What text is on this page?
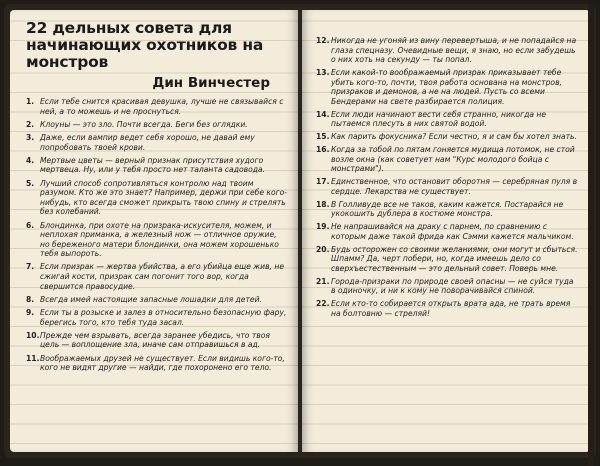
22 дельных совета для начинающих охотников на монстров
Дин Винчестер
1. Если тебе снится красивая девушка, лучше не связывайся с ней, а то можешь и не проснуться.
2. Клоуны — это зло. Почти всегда. Беги без оглядки.
3. Даже, если вампир ведет себя хорошо, не давай ему попробовать твоей крови.
4. Мертвые цветы — верный признак присутствия худого мертвеца. Ну, или у тебя просто нет таланта садовода.
5. Лучший способ сопротивляться контролю над твоим разумом. Кто же это знает? Например, держи при себе кого-нибудь, кто всегда сможет прикрыть твою спину и стрелять без колебаний.
6. Блондинка, при охоте на призрака-искусителя, можем, и неплохая приманка, а железный нож — отличное оружие, но береженого матери блондинки, она можем хорошенько тебя выпороть.
7. Если призрак — жертва убийства, а его убийца еще жив, не сжигай кости, призрак сам погонит того вор, когда свершится правосудие.
8. Всегда имей настоящие запасные лошадки для детей.
9. Если ты в розыске и залез в относительно безопасную фару, берегись того, кто тебя туда засал.
10. Прежде чем взрывать, всегда заранее убедись, что твоя цель — воплощение зла, иначе сам отправишься в ад.
11. Воображаемых друзей не существует. Если видишь кого-то, кого не видят другие — найди, где похоронено его тело.
12. Никогда не угоняй из вину перевертыша, и не попадайся на глаза спецназу. Очевидные вещи, я знаю, но если забудешь о них хоть на секунду — ты попал.
13. Если какой-то воображаемый призрак приказывает тебе убить кого-то, почти, твоя работа основана на монстров, призраков и демонов, а не на людей. Пусть со всеми Бендерами на свете разбирается полиция.
14. Если люди начинают вести себя странно, никогда не пытаемся плесуть в них святой водой.
15. Как парить фокусника? Если честно, я и сам бы хотел знать.
16. Когда за тобой по пятам гоняется мудища потомок, не стой возле окна (как советует нам "Курс молодого бойца с монстрами").
17. Единственное, что остановит оборотня — серебряная пуля в сердце. Лекарства не существует.
18. В Голливуде все не таков, каким кажется. Постарайся не укокошить дублера в костюме монстра.
19. Не напрашивайся на драку с парнем, по сравнению с которым даже такой фрида как Сэмми кажется мальчиком.
20. Будь осторожен со своими желаниями, они могут и сбыться. Шпамм? Да, черт побери, но, когда имеешь дело со сверхъестественным — это дельный совет. Поверь мне.
21. Города-призраки по природе своей опасны — не суйся туда в одиночку, и ни к кому не поворачивайся спиной.
22. Если кто-то собирается открыть врата ада, не трать время на болтовню — стреляй!
